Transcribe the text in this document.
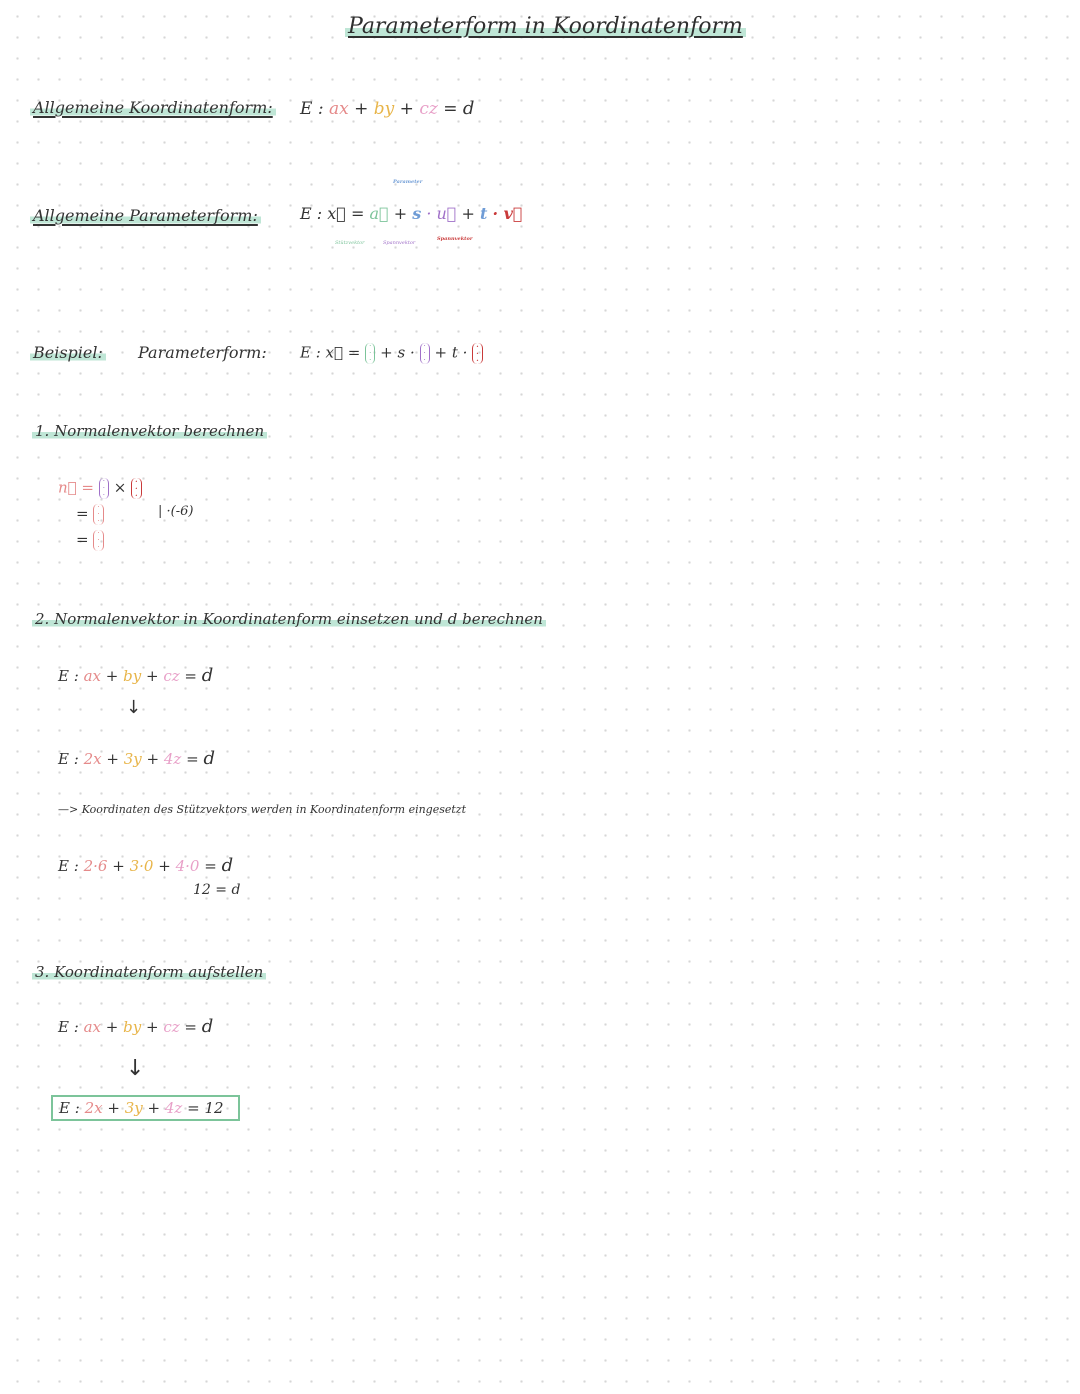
Parameterform in Koordinatenform
Allgemeine Koordinatenform: E : ax + by + cz = d
Allgemeine Parameterform:
Parameter
E : x⃗ = a⃗ + s · u⃗ + t · v⃗
Stützvektor	Spannvektor
Spannvektor
Beispiel: Parameterform: E : x⃗ = ·
·
· + s · ·
·
· + t · ·
·
·
1. Normalenvektor berechnen
n⃗ = ·
·
· × ·
·
·
= ·
·
·
| ·(-6)
= ·
·
·
2. Normalenvektor in Koordinatenform einsetzen und d berechnen
E : ax + by + cz = d
↓
E : 2x + 3y + 4z = d
—> Koordinaten des Stützvektors werden in Koordinatenform eingesetzt
E : 2·6 + 3·0 + 4·0 = d
12 = d
3. Koordinatenform aufstellen
E : ax + by + cz = d
↓
E : 2x + 3y + 4z = 12
